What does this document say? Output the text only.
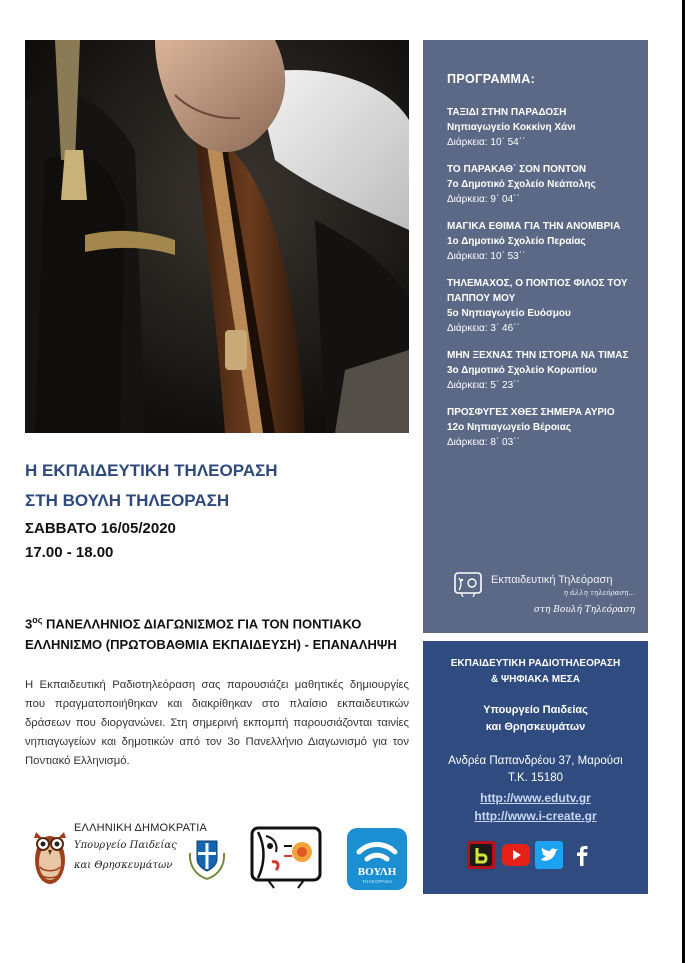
Η ΕΚΠΑΙΔΕΥΤΙΚΗ ΤΗΛΕΟΡΑΣΗ
ΣΤΗ ΒΟΥΛΗ ΤΗΛΕΟΡΑΣΗ
ΣΑΒΒΑΤΟ 16/05/2020
17.00 - 18.00
$3^{o\varsigma}$ ΠΑΝΕΛΛΗΝΙΟΣ ΔΙΑΓΩΝΙΣΜΟΣ ΓΙΑ ΤΟΝ ΠΟΝΤΙΑΚΟ ΕΛΛΗΝΙΣΜΟ (ΠΡΩΤΟΒΑΘΜΙΑ ΕΚΠΑΙΔΕΥΣΗ) - ΕΠΑΝΑΛΗΨΗ
Η Εκπαιδευτική Ραδιοτηλεόραση σας παρουσιάζει μαθητικές δημιουργίες που πραγματοποιήθηκαν και διακρίθηκαν στο πλαίσιο εκπαιδευτικών δράσεων που διοργανώνει. Στη σημερινή εκπομπή παρουσιάζονται ταινίες νηπιαγωγείων και δημοτικών από τον 3ο Πανελλήνιο Διαγωνισμό για τον Ποντιακό Ελληνισμό.
ΕΛΛΗΝΙΚΗ ΔΗΜΟΚΡΑΤΙΑ
Υπουργείο Παιδείας
και Θρησκευμάτων
ΒΟΥΛΗ
ΤΗΛΕΟΡΑΣΗ
ΠΡΟΓΡΑΜΜΑ:
ΤΑΞΙΔΙ ΣΤΗΝ ΠΑΡΑΔΟΣΗ
Νηπιαγωγείο Κοκκίνη Χάνι
Διάρκεια: 10΄ 54΄΄
ΤΟ ΠΑΡΑΚΑΘ΄ ΣΟΝ ΠΟΝΤΟΝ
7ο Δημοτικό Σχολείο Νεάπολης
Διάρκεια: 9΄ 04΄΄
ΜΑΓΙΚΑ ΕΘΙΜΑ ΓΙΑ ΤΗΝ ΑΝΟΜΒΡΙΑ
1ο Δημοτικό Σχολείο Περαίας
Διάρκεια: 10΄ 53΄΄
ΤΗΛΕΜΑΧΟΣ, Ο ΠΟΝΤΙΟΣ ΦΙΛΟΣ ΤΟΥ ΠΑΠΠΟΥ ΜΟΥ
5ο Νηπιαγωγείο Ευόσμου
Διάρκεια: 3΄ 46΄΄
ΜΗΝ ΞΕΧΝΑΣ ΤΗΝ ΙΣΤΟΡΙΑ ΝΑ ΤΙΜΑΣ
3ο Δημοτικό Σχολείο Κορωπίου
Διάρκεια: 5΄ 23΄΄
ΠΡΟΣΦΥΓΕΣ ΧΘΕΣ ΣΗΜΕΡΑ ΑΥΡΙΟ
12ο Νηπιαγωγείο Βέροιας
Διάρκεια: 8΄ 03΄΄
Εκπαιδευτική Τηλεόραση
η άλλη τηλεόραση...
στη Βουλή Τηλεόραση
ΕΚΠΑΙΔΕΥΤΙΚΗ ΡΑΔΙΟΤΗΛΕΟΡΑΣΗ
& ΨΗΦΙΑΚΑ ΜΕΣΑ
Υπουργείο Παιδείας
και Θρησκευμάτων
Ανδρέα Παπανδρέου 37, Μαρούσι
Τ.Κ. 15180
http://www.edutv.gr
http://www.i-create.gr
